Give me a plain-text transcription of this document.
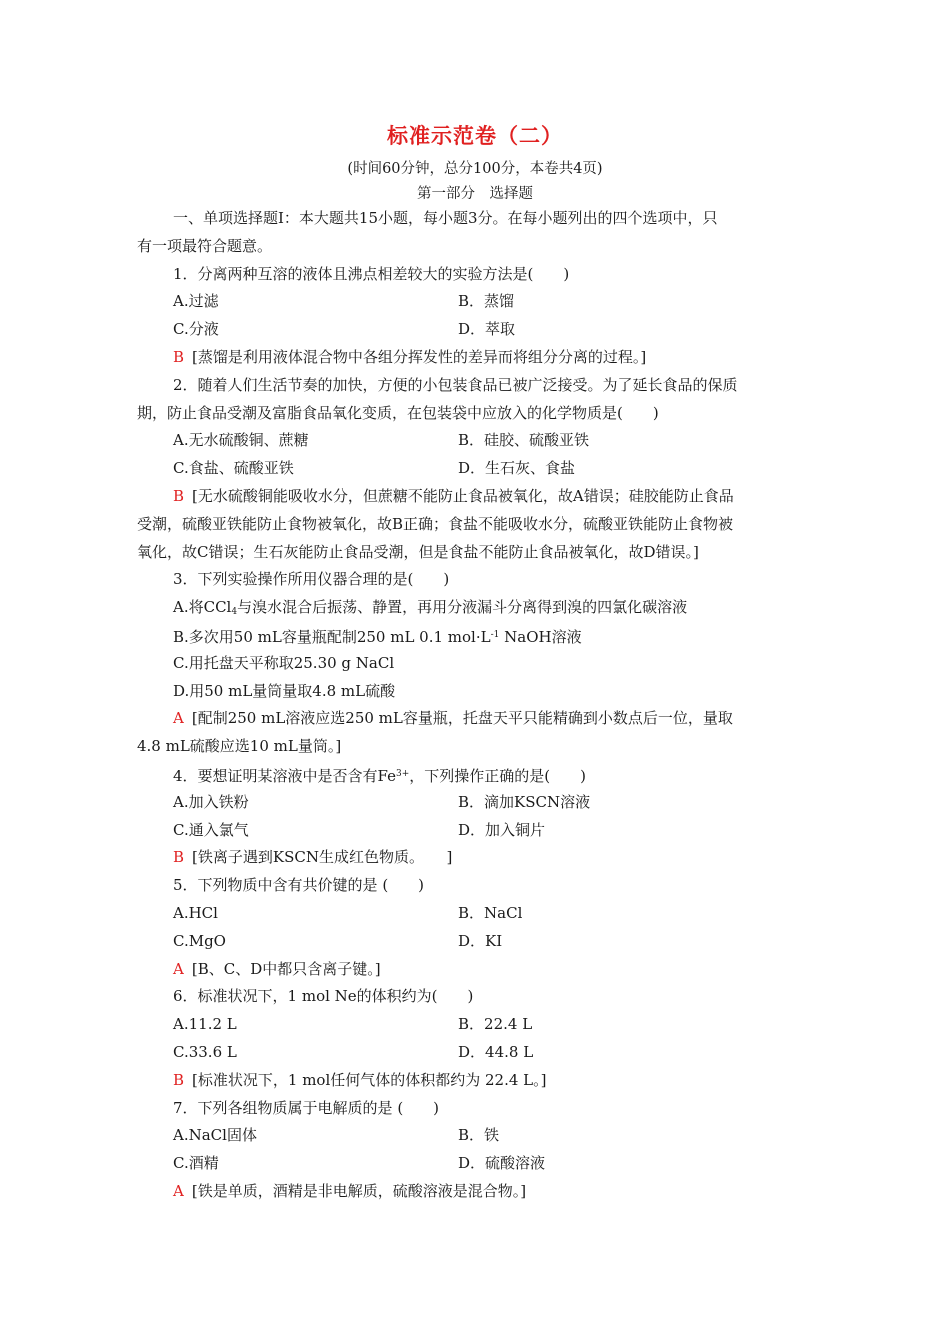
标准示范卷（二）
(时间60分钟，总分100分，本卷共4页)
第一部分　选择题
一、单项选择题Ⅰ：本大题共15小题，每小题3分。在每小题列出的四个选项中，只
有一项最符合题意。
1．分离两种互溶的液体且沸点相差较大的实验方法是(　　)
A.过滤	B．蒸馏
C.分液	D．萃取
B [蒸馏是利用液体混合物中各组分挥发性的差异而将组分分离的过程。]
2．随着人们生活节奏的加快，方便的小包装食品已被广泛接受。为了延长食品的保质
期，防止食品受潮及富脂食品氧化变质，在包装袋中应放入的化学物质是(　　)
A.无水硫酸铜、蔗糖	B．硅胶、硫酸亚铁
C.食盐、硫酸亚铁	D．生石灰、食盐
B [无水硫酸铜能吸收水分，但蔗糖不能防止食品被氧化，故A错误；硅胶能防止食品
受潮，硫酸亚铁能防止食物被氧化，故B正确；食盐不能吸收水分，硫酸亚铁能防止食物被
氧化，故C错误；生石灰能防止食品受潮，但是食盐不能防止食品被氧化，故D错误。]
3．下列实验操作所用仪器合理的是(　　)
A.将CCl$_4$与溴水混合后振荡、静置，再用分液漏斗分离得到溴的四氯化碳溶液
B.多次用50 mL容量瓶配制250 mL 0.1 $mol\cdot L^{-1}$ NaOH溶液
C.用托盘天平称取25.30 g NaCl
D.用50 mL量筒量取4.8 mL硫酸
A [配制250 mL溶液应选250 mL容量瓶，托盘天平只能精确到小数点后一位，量取
4.8 mL硫酸应选10 mL量筒。]
4．要想证明某溶液中是否含有$Fe^{3+}$，下列操作正确的是(　　)
A.加入铁粉	B．滴加KSCN溶液
C.通入氯气	D．加入铜片
B [铁离子遇到KSCN生成红色物质。　　]
5．下列物质中含有共价键的是 (　　)
A.HCl	B．NaCl
C.MgO	D．KI
A [B、C、D中都只含离子键。]
6．标准状况下，1 mol Ne的体积约为(　　)
A.11.2 L	B．22.4 L
C.33.6 L	D．44.8 L
B [标准状况下，1 mol任何气体的体积都约为 22.4 L。]
7．下列各组物质属于电解质的是 (　　)
A.NaCl固体	B．铁
C.酒精	D．硫酸溶液
A [铁是单质，酒精是非电解质，硫酸溶液是混合物。]
